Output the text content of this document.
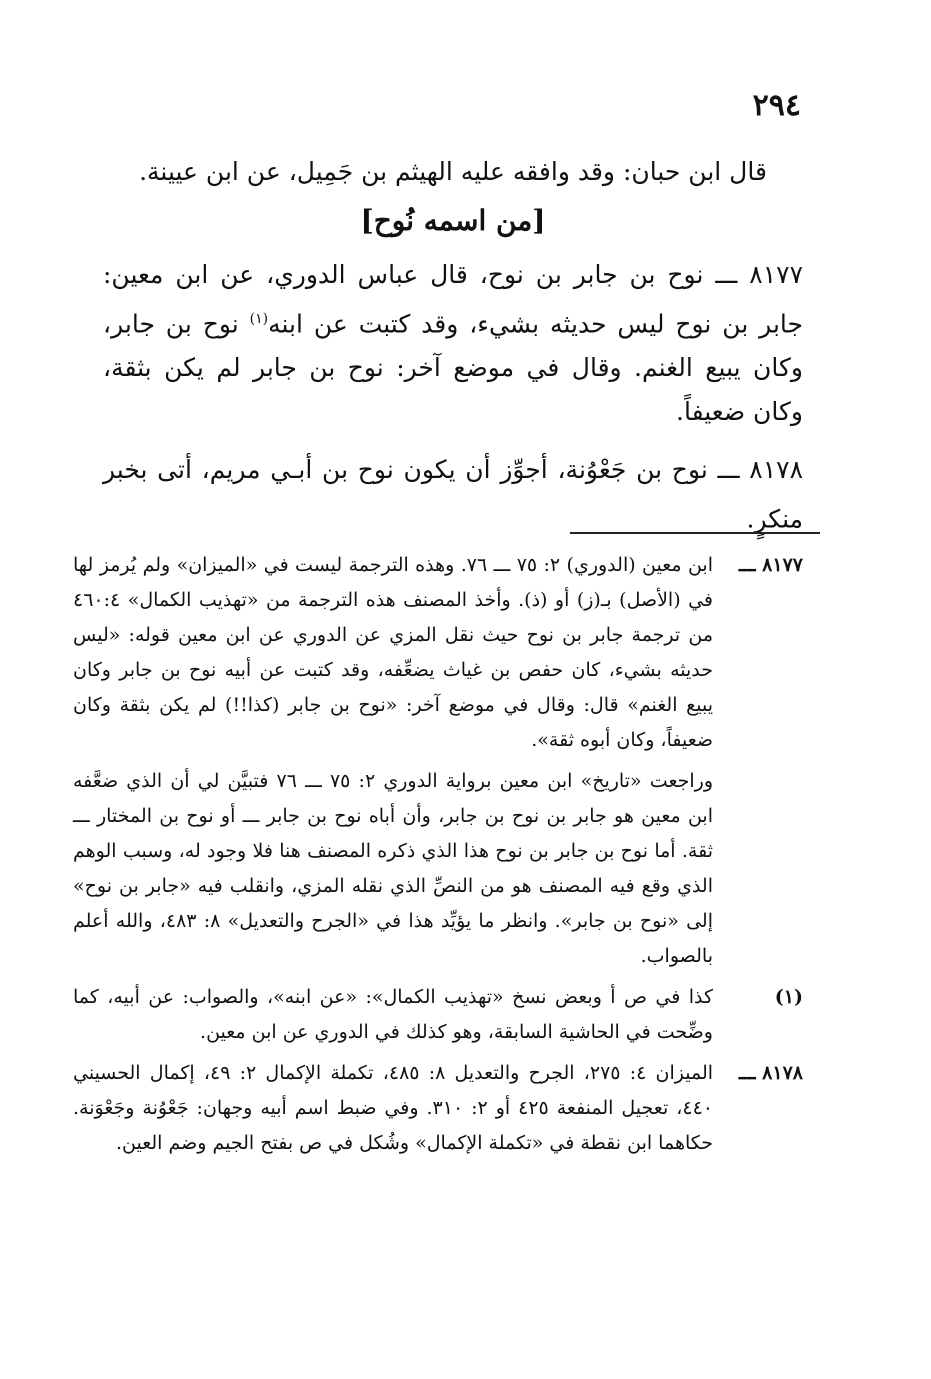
٢٩٤
قال ابن حبان: وقد وافقه عليه الهيثم بن جَمِيل، عن ابن عيينة.
[من اسمه نُوح]
٨١٧٧ ـــ نوح بن جابر بن نوح، قال عباس الدوري، عن ابن معين: جابر بن نوح ليس حديثه بشيء، وقد كتبت عن ابنه$^{(١)}$ نوح بن جابر، وكان يبيع الغنم. وقال في موضع آخر: نوح بن جابر لم يكن بثقة، وكان ضعيفاً.
٨١٧٨ ـــ نوح بن جَعْوُنة، أجوِّز أن يكون نوح بن أبـي مريم، أتى بخبر منكرٍ.
٨١٧٧ ـــ

ابن معين (الدوري) ٢: ٧٥ ـــ ٧٦. وهذه الترجمة ليست في «الميزان» ولم يُرمز لها في (الأصل) بـ(ز) أو (ذ). وأخذ المصنف هذه الترجمة من «تهذيب الكمال» ٤٦٠:٤ من ترجمة جابر بن نوح حيث نقل المزي عن الدوري عن ابن معين قوله: «ليس حديثه بشيء، كان حفص بن غياث يضعِّفه، وقد كتبت عن أبيه نوح بن جابر وكان يبيع الغنم» قال: وقال في موضع آخر: «نوح بن جابر (كذا!!) لم يكن بثقة وكان ضعيفاً، وكان أبوه ثقة».

وراجعت «تاريخ» ابن معين برواية الدوري ٢: ٧٥ ـــ ٧٦ فتبيَّن لي أن الذي ضعَّفه ابن معين هو جابر بن نوح بن جابر، وأن أباه نوح بن جابر ـــ أو نوح بن المختار ـــ ثقة. أما نوح بن جابر بن نوح هذا الذي ذكره المصنف هنا فلا وجود له، وسبب الوهم الذي وقع فيه المصنف هو من النصِّ الذي نقله المزي، وانقلب فيه «جابر بن نوح» إلى «نوح بن جابر». وانظر ما يؤيِّد هذا في «الجرح والتعديل» ٨: ٤٨٣، والله أعلم بالصواب.

(١)

كذا في ص أ وبعض نسخ «تهذيب الكمال»: «عن ابنه»، والصواب: عن أبيه، كما وضِّحت في الحاشية السابقة، وهو كذلك في الدوري عن ابن معين.

٨١٧٨ ـــ

الميزان ٤: ٢٧٥، الجرح والتعديل ٨: ٤٨٥، تكملة الإكمال ٢: ٤٩، إكمال الحسيني ٤٤٠، تعجيل المنفعة ٤٢٥ أو ٢: ٣١٠. وفي ضبط اسم أبيه وجهان: جَعْوُنة وجَعْوَنة. حكاهما ابن نقطة في «تكملة الإكمال» وشُكل في ص بفتح الجيم وضم العين.
